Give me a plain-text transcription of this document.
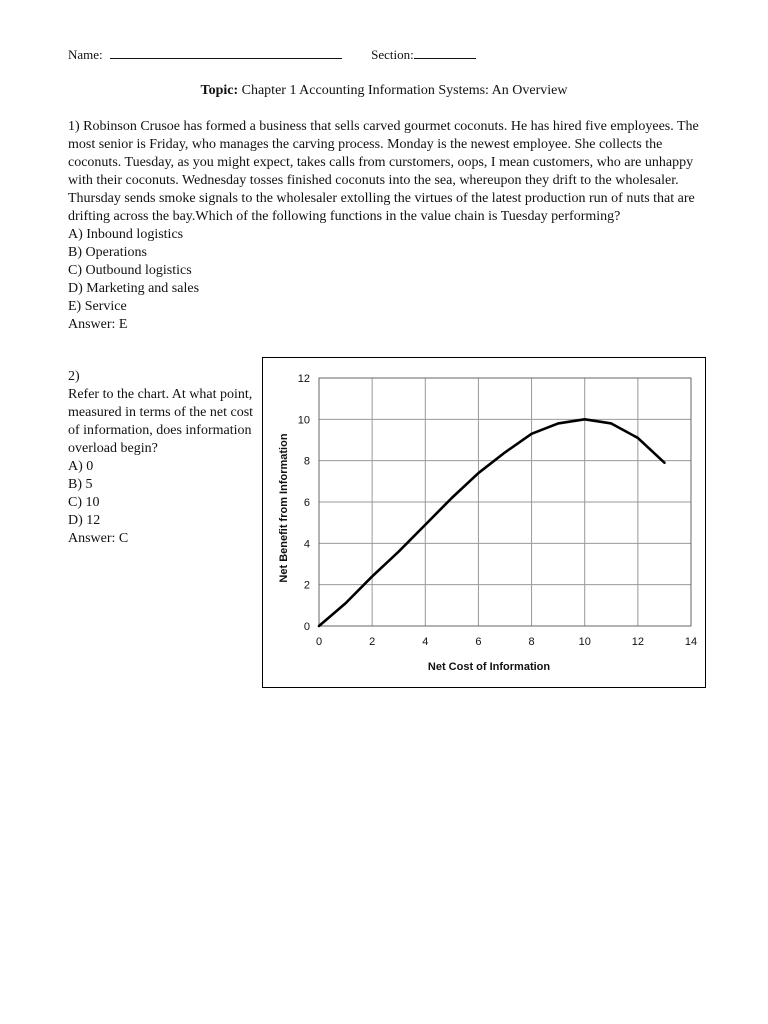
Name:	Section:
Topic: Chapter 1 Accounting Information Systems: An Overview

1) Robinson Crusoe has formed a business that sells carved gourmet coconuts. He has hired five employees. The most senior is Friday, who manages the carving process. Monday is the newest employee. She collects the coconuts. Tuesday, as you might expect, takes calls from curstomers, oops, I mean customers, who are unhappy with their coconuts. Wednesday tosses finished coconuts into the sea, whereupon they drift to the wholesaler. Thursday sends smoke signals to the wholesaler extolling the virtues of the latest production run of nuts that are drifting across the bay.Which of the following functions in the value chain is Tuesday performing?

A) Inbound logistics
B) Operations
C) Outbound logistics
D) Marketing and sales
E) Service
Answer: E
2)
Refer to the chart. At what point, measured in terms of the net cost of information, does information overload begin?
A) 0
B) 5
C) 10
D) 12
Answer: C
0	2	4	6	8	10	12	14
0
2
4
6
8
10
12
Net Cost of Information
Net Benefit from Information
